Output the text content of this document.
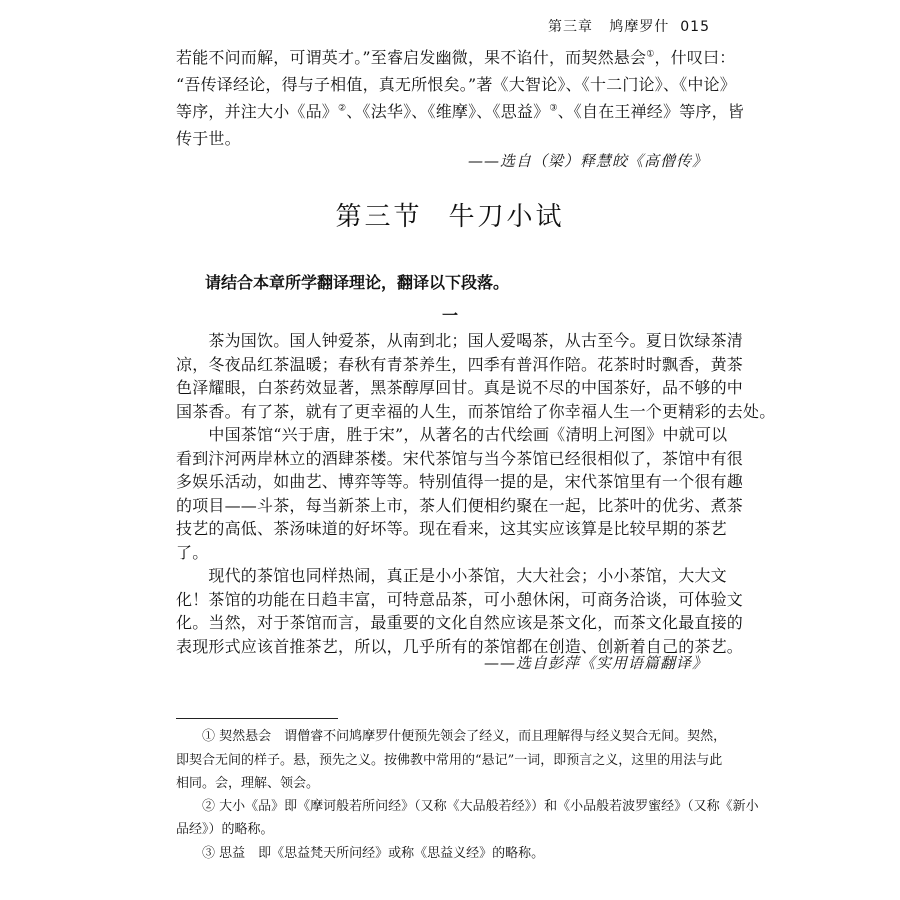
第三章 鸠摩罗什 015
若能不问而解，可谓英才。”至睿启发幽微，果不谄什，而契然悬会①，什叹曰：
“吾传译经论，得与子相值，真无所恨矣。”著《大智论》、《十二门论》、《中论》
等序，并注大小《品》②、《法华》、《维摩》、《思益》③、《自在王禅经》等序，皆
传于世。
——选自（梁）释慧皎《高僧传》
第三节 牛刀小试
请结合本章所学翻译理论，翻译以下段落。
一
　　茶为国饮。国人钟爱茶，从南到北；国人爱喝茶，从古至今。夏日饮绿茶清
凉，冬夜品红茶温暖；春秋有青茶养生，四季有普洱作陪。花茶时时飘香，黄茶
色泽耀眼，白茶药效显著，黑茶醇厚回甘。真是说不尽的中国茶好，品不够的中
国茶香。有了茶，就有了更幸福的人生，而茶馆给了你幸福人生一个更精彩的去处。
　　中国茶馆“兴于唐，胜于宋”，从著名的古代绘画《清明上河图》中就可以
看到汴河两岸林立的酒肆茶楼。宋代茶馆与当今茶馆已经很相似了，茶馆中有很
多娱乐活动，如曲艺、博弈等等。特别值得一提的是，宋代茶馆里有一个很有趣
的项目——斗茶，每当新茶上市，茶人们便相约聚在一起，比茶叶的优劣、煮茶
技艺的高低、茶汤味道的好坏等。现在看来，这其实应该算是比较早期的茶艺
了。
　　现代的茶馆也同样热闹，真正是小小茶馆，大大社会；小小茶馆，大大文
化！茶馆的功能在日趋丰富，可特意品茶，可小憩休闲，可商务洽谈，可体验文
化。当然，对于茶馆而言，最重要的文化自然应该是茶文化，而茶文化最直接的
表现形式应该首推茶艺，所以，几乎所有的茶馆都在创造、创新着自己的茶艺。
——选自彭萍《实用语篇翻译》
　　① 契然悬会　谓僧睿不问鸠摩罗什便预先领会了经义，而且理解得与经义契合无间。契然，
即契合无间的样子。悬，预先之义。按佛教中常用的“悬记”一词，即预言之义，这里的用法与此
相同。会，理解、领会。
　　② 大小《品》即《摩诃般若所问经》（又称《大品般若经》）和《小品般若波罗蜜经》（又称《新小
品经》）的略称。
　　③ 思益　即《思益梵天所问经》或称《思益义经》的略称。
